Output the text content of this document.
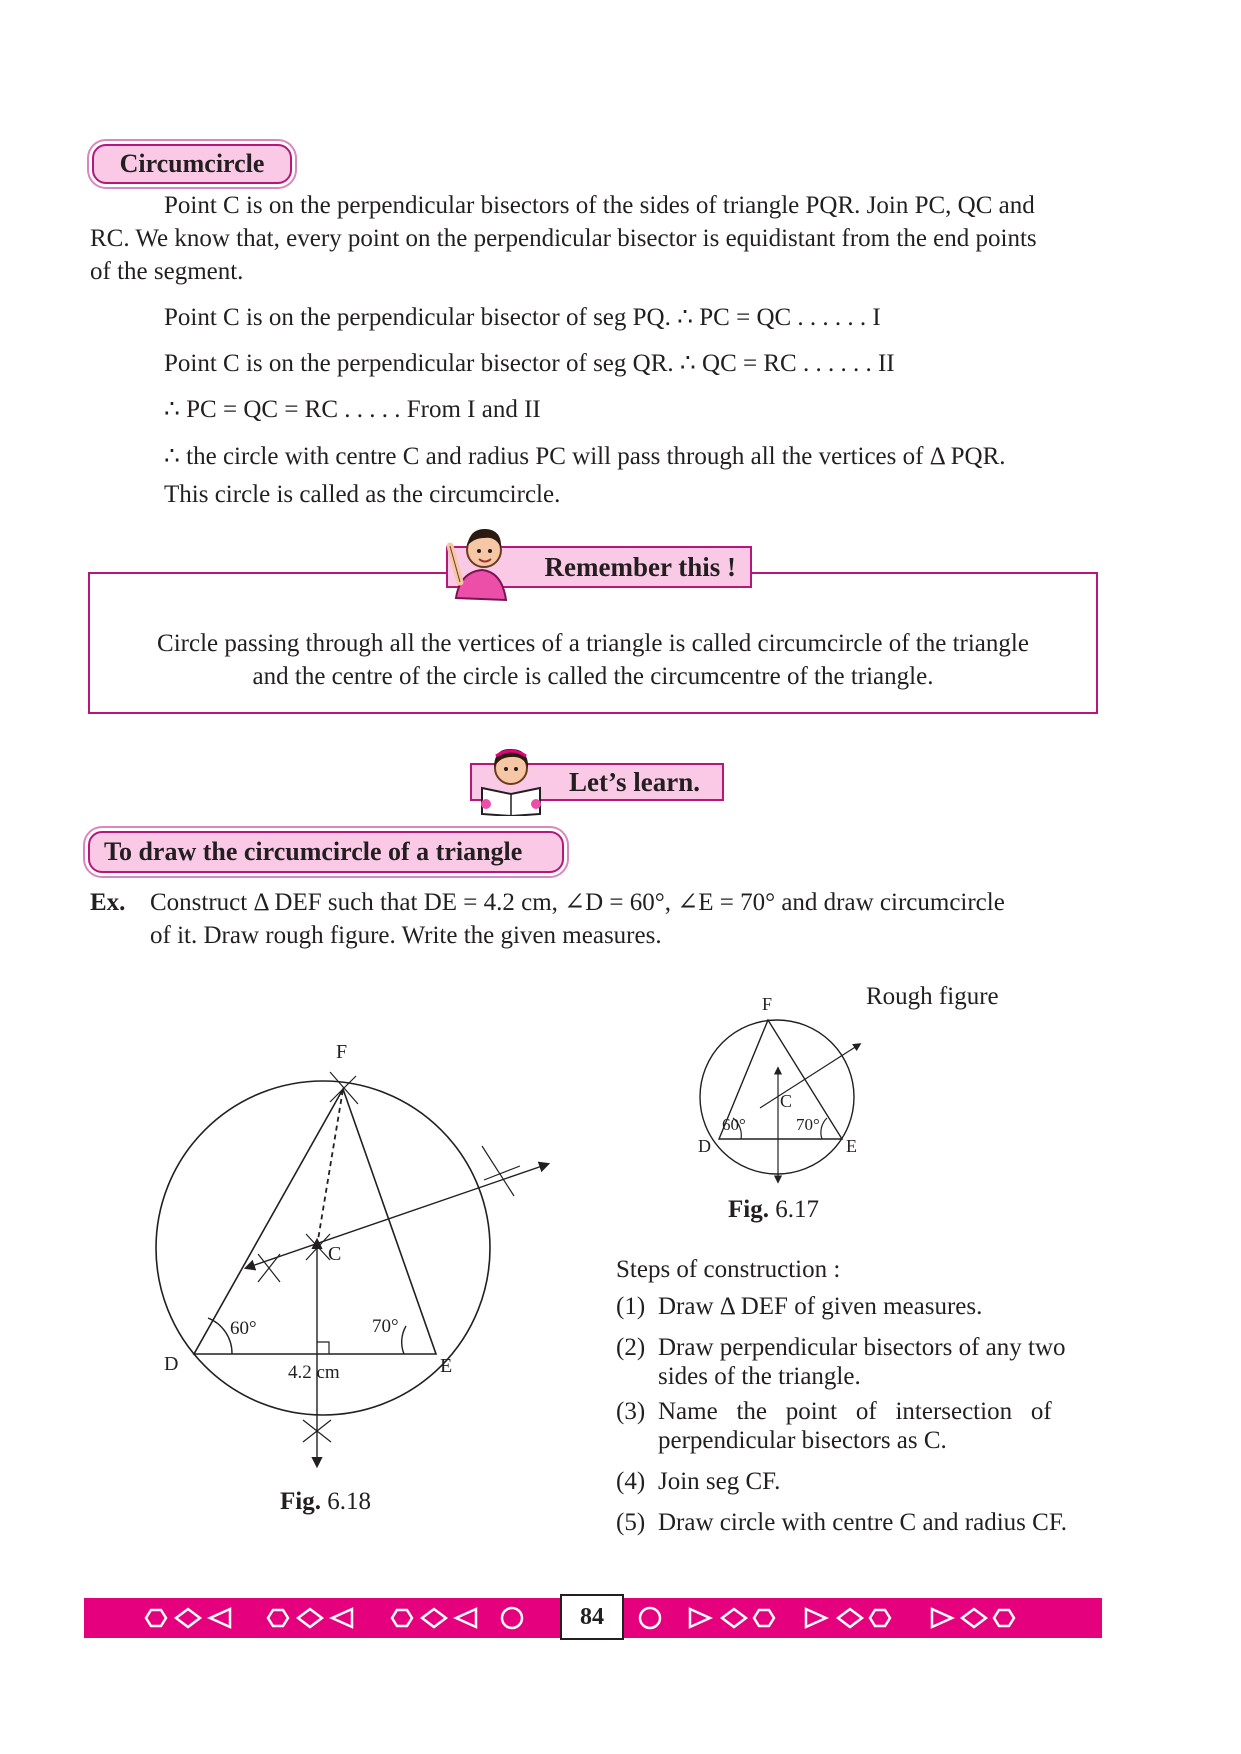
Circumcircle
Point C is on the perpendicular bisectors of the sides of triangle PQR. Join PC, QC and
RC. We know that, every point on the perpendicular bisector is equidistant from the end points
of the segment.
Point C is on the perpendicular bisector of seg PQ. ∴ PC = QC . . . . . . I
Point C is on the perpendicular bisector of seg QR. ∴ QC = RC . . . . . . II
∴ PC = QC = RC . . . . . From I and II
∴ the circle with centre C and radius PC will pass through all the vertices of Δ PQR.
This circle is called as the circumcircle.
Circle passing through all the vertices of a triangle is called circumcircle of the triangle
and the centre of the circle is called the circumcentre of the triangle.
Remember this !
Let’s learn.
To draw the circumcircle of a triangle
Ex. Construct Δ DEF such that DE = 4.2 cm, ∠D = 60°, ∠E = 70° and draw circumcircle
of it. Draw rough figure. Write the given measures.
F
C
D	E
60°	70°
4.2 cm
Fig. 6.18
Rough figure
F
C
D	E
60°	70°
Fig. 6.17
Steps of construction :
(1) Draw Δ DEF of given measures.
(2) Draw perpendicular bisectors of any two
sides of the triangle.
(3) Name   the   point   of   intersection   of
perpendicular bisectors as C.
(4) Join seg CF.
(5) Draw circle with centre C and radius CF.
84
